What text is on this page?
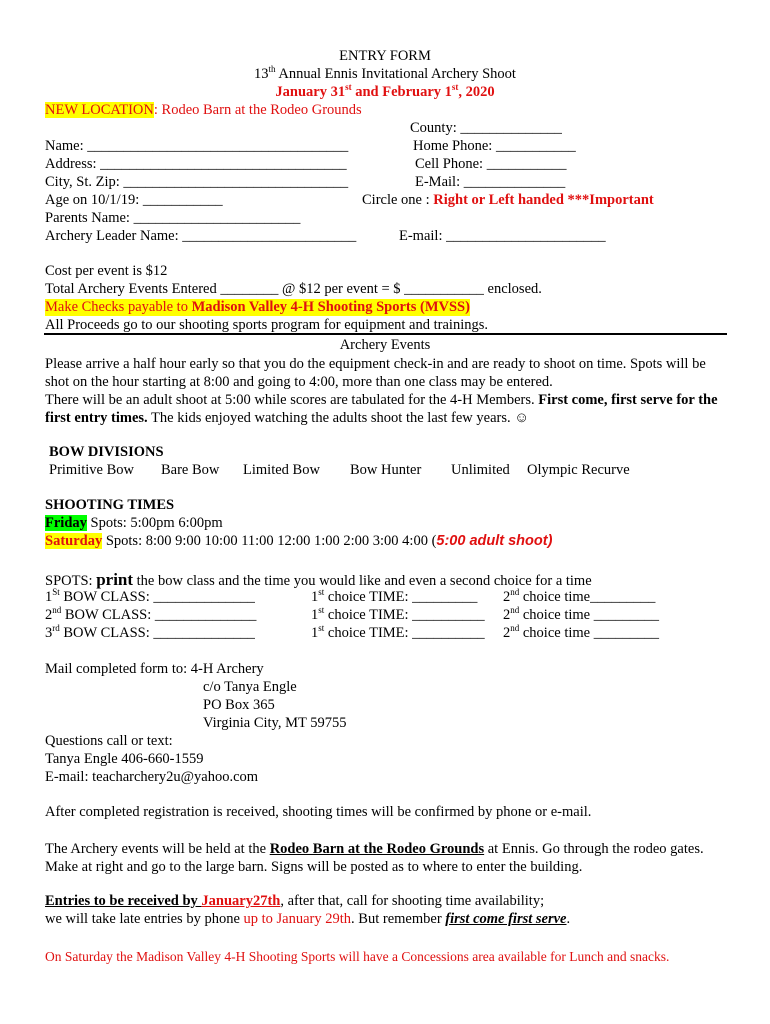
ENTRY FORM
13th Annual Ennis Invitational Archery Shoot
January 31st and February 1st, 2020
NEW LOCATION: Rodeo Barn at the Rodeo Grounds
County: ______________
Name: ____________________________________	Home Phone: ___________
Address: __________________________________	Cell Phone: ___________
City, St. Zip: _______________________________	E-Mail: ______________
Age on 10/1/19: ___________	Circle one : Right or Left handed ***Important
Parents Name: _______________________
Archery Leader Name: ________________________	E-mail: ______________________
Cost per event is $12
Total Archery Events Entered ________ @ $12 per event = $ ___________ enclosed.
Make Checks payable to Madison Valley 4-H Shooting Sports (MVSS)
All Proceeds go to our shooting sports program for equipment and trainings.
Archery Events
Please arrive a half hour early so that you do the equipment check-in and are ready to shoot on time. Spots will be shot on the hour starting at 8:00 and going to 4:00, more than one class may be entered.
There will be an adult shoot at 5:00 while scores are tabulated for the 4-H Members. First come, first serve for the first entry times. The kids enjoyed watching the adults shoot the last few years. ☺
BOW DIVISIONS
Primitive Bow Bare Bow Limited Bow Bow Hunter Unlimited Olympic Recurve
SHOOTING TIMES
Friday Spots: 5:00pm 6:00pm
Saturday Spots: 8:00 9:00 10:00 11:00 12:00 1:00 2:00 3:00 4:00 (5:00 adult shoot)
SPOTS: print the bow class and the time you would like and even a second choice for a time
1St BOW CLASS: ______________	1st choice TIME: _________ 2nd choice time_________
2nd BOW CLASS: ______________	1st choice TIME: __________ 2nd choice time _________
3rd BOW CLASS: ______________	1st choice TIME: __________ 2nd choice time _________
Mail completed form to: 4-H Archery
c/o Tanya Engle
PO Box 365
Virginia City, MT 59755
Questions call or text:
Tanya Engle 406-660-1559
E-mail: teacharchery2u@yahoo.com
After completed registration is received, shooting times will be confirmed by phone or e-mail.
The Archery events will be held at the Rodeo Barn at the Rodeo Grounds at Ennis. Go through the rodeo gates. Make at right and go to the large barn. Signs will be posted as to where to enter the building.
Entries to be received by January27th, after that, call for shooting time availability;
we will take late entries by phone up to January 29th. But remember first come first serve.
On Saturday the Madison Valley 4-H Shooting Sports will have a Concessions area available for Lunch and snacks.
